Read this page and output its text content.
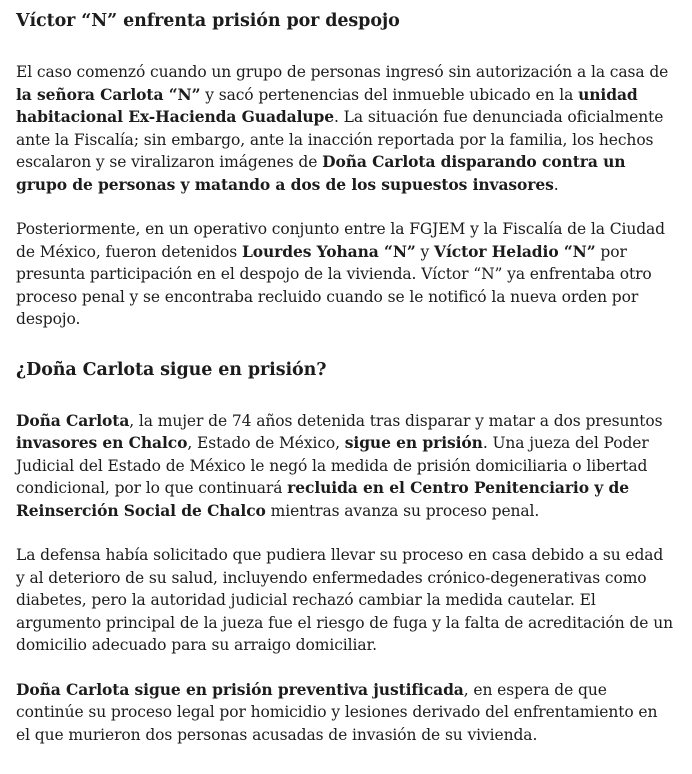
Víctor “N” enfrenta prisión por despojo

El caso comenzó cuando un grupo de personas ingresó sin autorización a la casa de la señora Carlota “N” y sacó pertenencias del inmueble ubicado en la unidad habitacional Ex-Hacienda Guadalupe. La situación fue denunciada oficialmente ante la Fiscalía; sin embargo, ante la inacción reportada por la familia, los hechos escalaron y se viralizaron imágenes de Doña Carlota disparando contra un grupo de personas y matando a dos de los supuestos invasores.

Posteriormente, en un operativo conjunto entre la FGJEM y la Fiscalía de la Ciudad de México, fueron detenidos Lourdes Yohana “N” y Víctor Heladio “N” por presunta participación en el despojo de la vivienda. Víctor “N” ya enfrentaba otro proceso penal y se encontraba recluido cuando se le notificó la nueva orden por despojo.

¿Doña Carlota sigue en prisión?

Doña Carlota, la mujer de 74 años detenida tras disparar y matar a dos presuntos invasores en Chalco, Estado de México, sigue en prisión. Una jueza del Poder Judicial del Estado de México le negó la medida de prisión domiciliaria o libertad condicional, por lo que continuará recluida en el Centro Penitenciario y de Reinserción Social de Chalco mientras avanza su proceso penal.

La defensa había solicitado que pudiera llevar su proceso en casa debido a su edad y al deterioro de su salud, incluyendo enfermedades crónico-degenerativas como diabetes, pero la autoridad judicial rechazó cambiar la medida cautelar. El argumento principal de la jueza fue el riesgo de fuga y la falta de acreditación de un domicilio adecuado para su arraigo domiciliar.

Doña Carlota sigue en prisión preventiva justificada, en espera de que continúe su proceso legal por homicidio y lesiones derivado del enfrentamiento en el que murieron dos personas acusadas de invasión de su vivienda.
